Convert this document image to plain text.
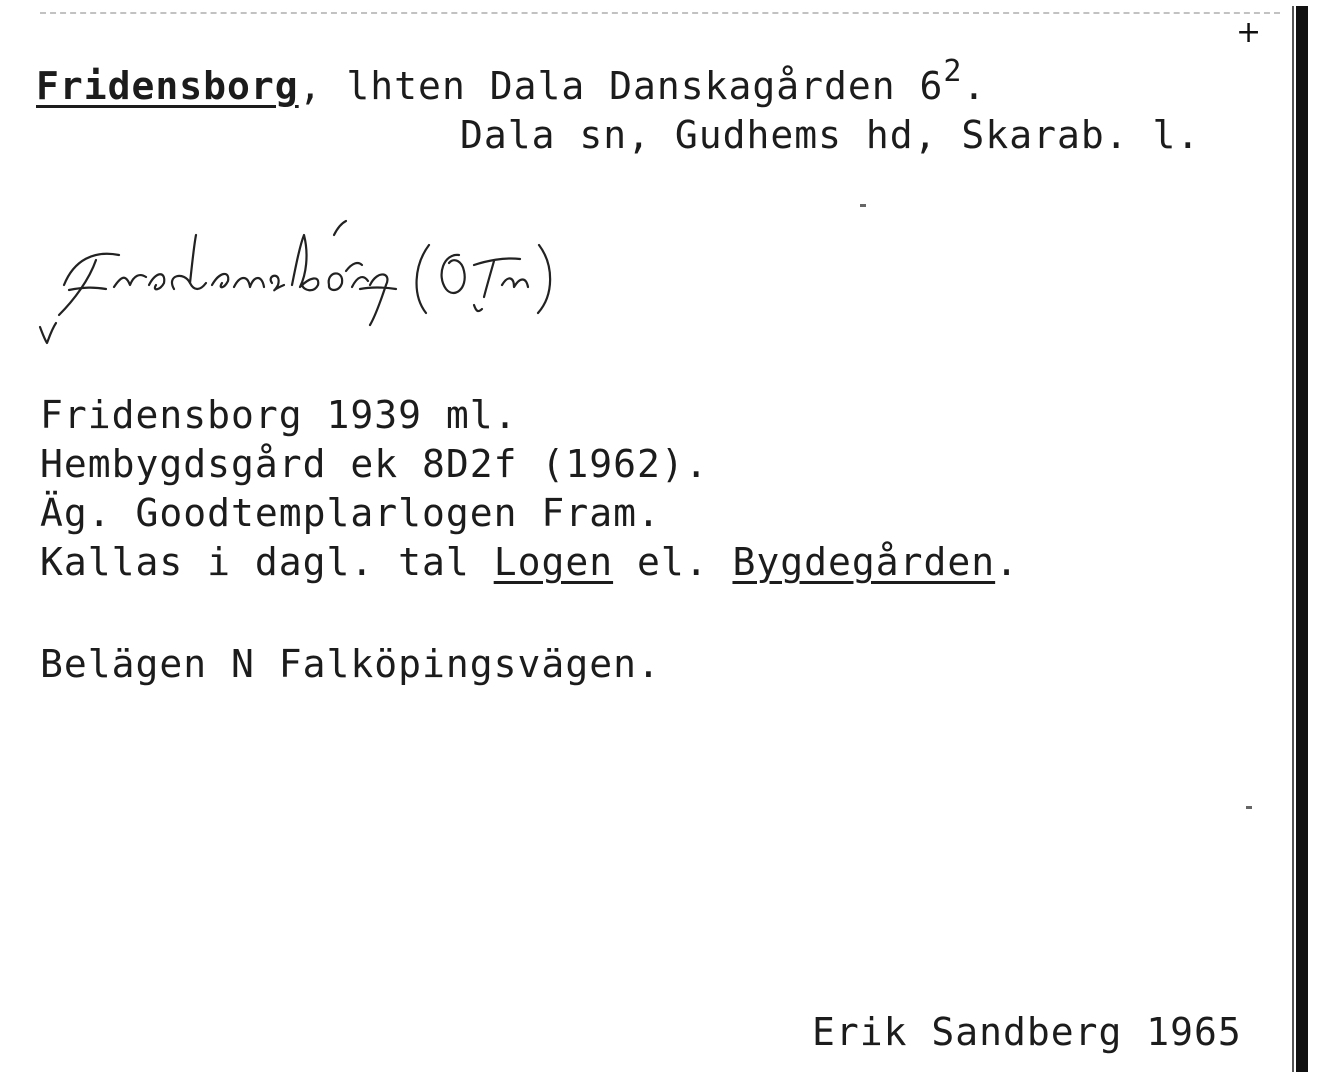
+
Fridensborg, lhten Dala Danskagården $6^2$.
Dala sn, Gudhems hd, Skarab. l.
Fridensborg 1939 ml.
Hembygdsgård ek 8D2f (1962).
Äg. Goodtemplarlogen Fram.
Kallas i dagl. tal Logen el. Bygdegården.
Belägen N Falköpingsvägen.
Erik Sandberg 1965
